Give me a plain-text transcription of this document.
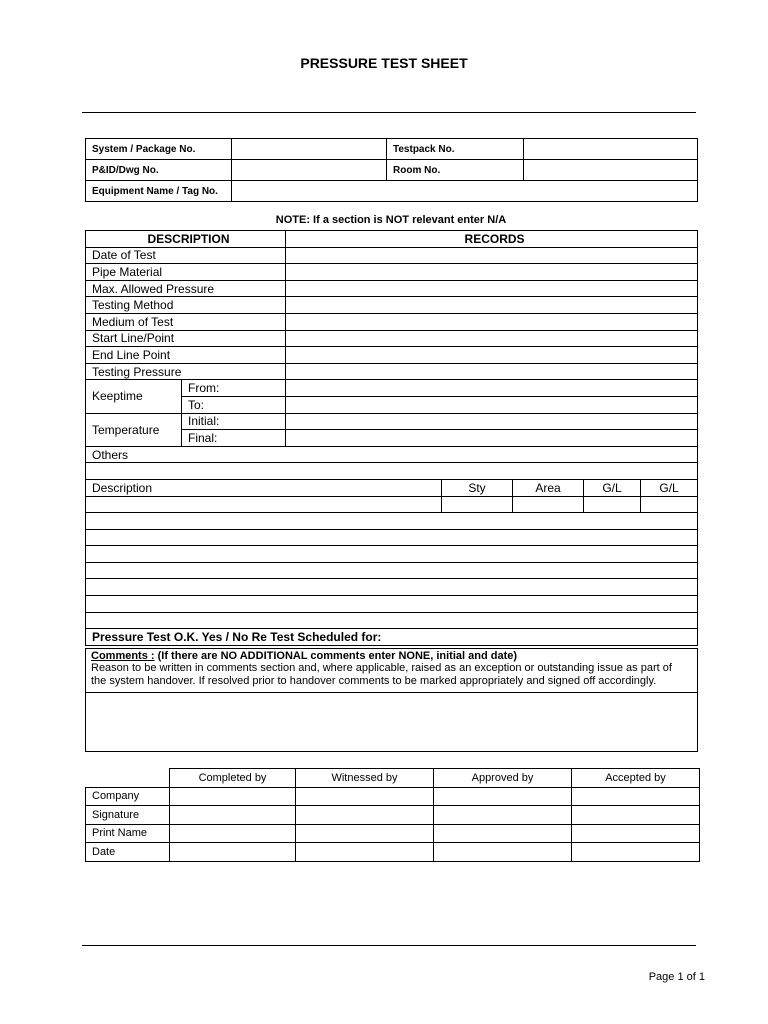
PRESSURE TEST SHEET
System / Package No.		Testpack No.	
P&ID/Dwg No.		Room No.	
Equipment Name / Tag No.			
NOTE: If a section is NOT relevant enter N/A
DESCRIPTION		RECORDS				
Date of Test						
Pipe Material						
Max. Allowed Pressure						
Testing Method						
Medium of Test						
Start Line/Point						
End Line Point						
Testing Pressure						
Keeptime	From:					
	To:					
Temperature	Initial:					
	Final:					
Others						

Description			Sty	Area	G/L	G/L

Pressure Test O.K. Yes / No Re Test Scheduled for:						
Comments : (If there are NO ADDITIONAL comments enter NONE, initial and date)
Reason to be written in comments section and, where applicable, raised as an exception or outstanding issue as part of
the system handover. If resolved prior to handover comments to be marked appropriately and signed off accordingly.
	Completed by	Witnessed by	Approved by	Accepted by
Company				
Signature				
Print Name				
Date				
Page 1 of 1
